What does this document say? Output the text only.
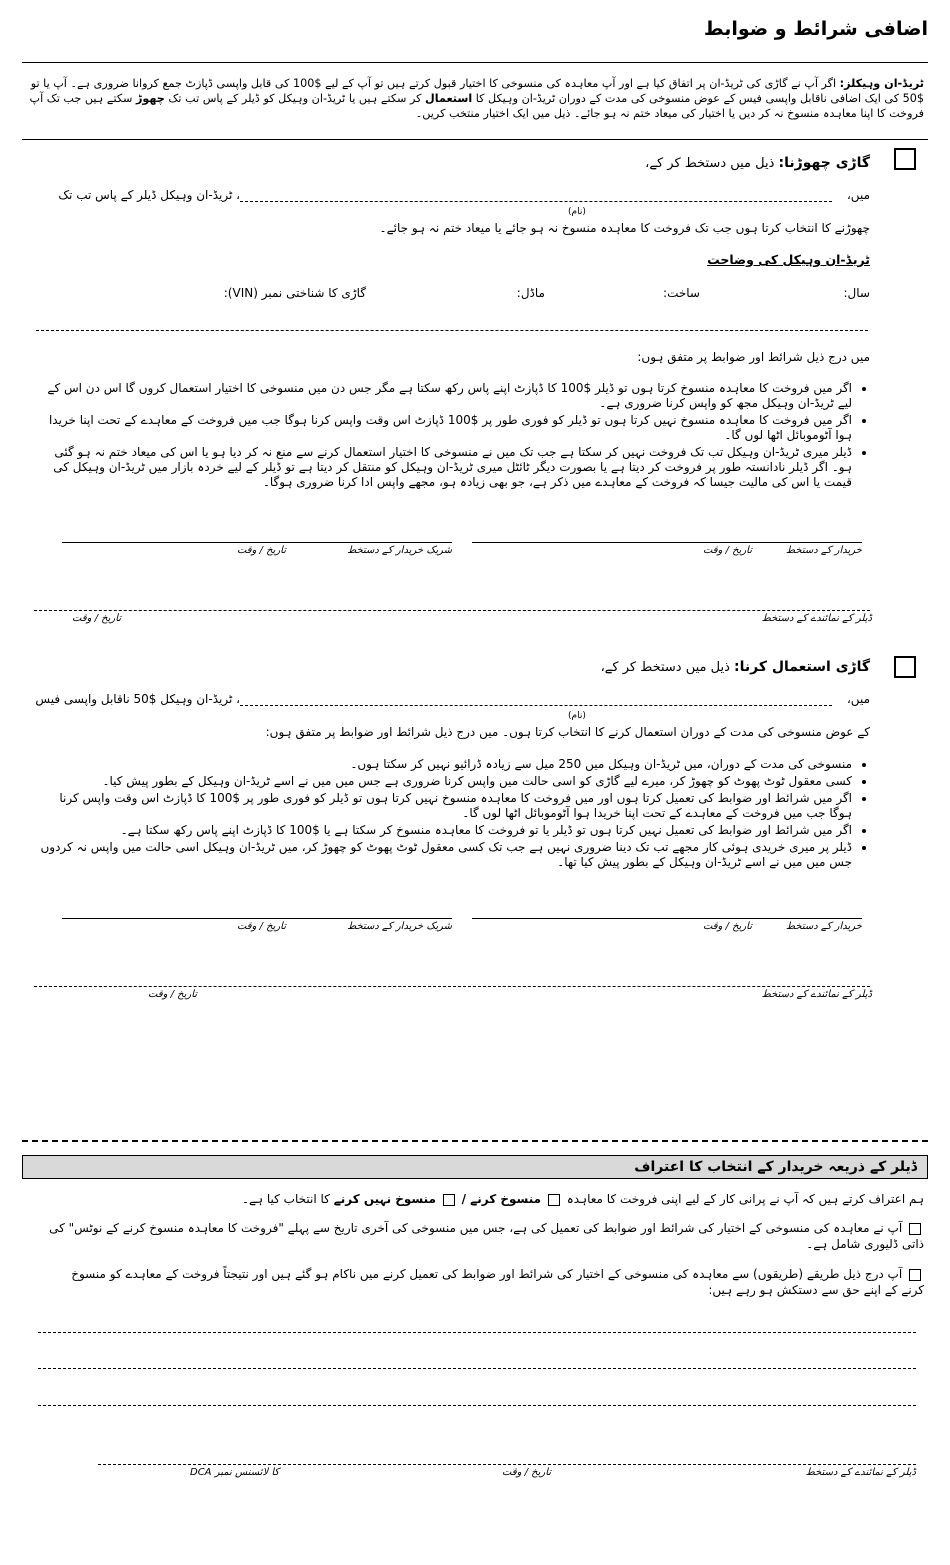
اضافی شرائط و ضوابط
ٹریڈ-ان وہیکلز: اگر آپ نے گاڑی کی ٹریڈ-ان پر اتفاق کیا ہے اور آپ معاہدہ کی منسوخی کا اختیار قبول کرتے ہیں تو آپ کے لیے $100 کی قابل واپسی ڈپازٹ جمع کروانا ضروری ہے۔ آپ یا تو $50 کی ایک اضافی ناقابل واپسی فیس کے عوض منسوخی کی مدت کے دوران ٹریڈ-ان وہیکل کا استعمال کر سکتے ہیں یا ٹریڈ-ان وہیکل کو ڈیلر کے پاس تب تک چھوڑ سکتے ہیں جب تک آپ فروخت کا اپنا معاہدہ منسوخ نہ کر دیں یا اختیار کی میعاد ختم نہ ہو جائے۔ ذیل میں ایک اختیار منتخب کریں۔
گاڑی چھوڑنا: ذیل میں دستخط کر کے،
میں،
، ٹریڈ-ان وہیکل ڈیلر کے پاس تب تک
(نام)
چھوڑنے کا انتخاب کرتا ہوں جب تک فروخت کا معاہدہ منسوخ نہ ہو جائے یا میعاد ختم نہ ہو جائے۔
ٹریڈ-ان وہیکل کی وضاحت
سال:
ساخت:
ماڈل:
گاڑی کا شناختی نمبر (VIN):
میں درج ذیل شرائط اور ضوابط پر متفق ہوں:
• اگر میں فروخت کا معاہدہ منسوخ کرتا ہوں تو ڈیلر $100 کا ڈپازٹ اپنے پاس رکھ سکتا ہے مگر جس دن میں منسوخی کا اختیار استعمال کروں گا اس دن اس کے لیے ٹریڈ-ان وہیکل مجھ کو واپس کرنا ضروری ہے۔
• اگر میں فروخت کا معاہدہ منسوخ نہیں کرتا ہوں تو ڈیلر کو فوری طور پر $100 ڈپازٹ اس وقت واپس کرنا ہوگا جب میں فروخت کے معاہدے کے تحت اپنا خریدا ہوا آٹوموبائل اٹھا لوں گا۔
• ڈیلر میری ٹریڈ-ان وہیکل تب تک فروخت نہیں کر سکتا ہے جب تک میں نے منسوخی کا اختیار استعمال کرنے سے منع نہ کر دیا ہو یا اس کی میعاد ختم نہ ہو گئی ہو۔ اگر ڈیلر نادانستہ طور پر فروخت کر دیتا ہے یا بصورت دیگر ٹائٹل میری ٹریڈ-ان وہیکل کو منتقل کر دیتا ہے تو ڈیلر کے لیے خردہ بازار میں ٹریڈ-ان وہیکل کی قیمت یا اس کی مالیت جیسا کہ فروخت کے معاہدے میں ذکر ہے، جو بھی زیادہ ہو، مجھے واپس ادا کرنا ضروری ہوگا۔
خریدار کے دستخط
تاریخ / وقت
شریک خریدار کے دستخط
تاریخ / وقت
ڈیلر کے نمائندے کے دستخط
تاریخ / وقت
گاڑی استعمال کرنا: ذیل میں دستخط کر کے،
میں،
، ٹریڈ-ان وہیکل $50 ناقابل واپسی فیس
(نام)
کے عوض منسوخی کی مدت کے دوران استعمال کرنے کا انتخاب کرتا ہوں۔ میں درج ذیل شرائط اور ضوابط پر متفق ہوں:
• منسوخی کی مدت کے دوران، میں ٹریڈ-ان وہیکل میں 250 میل سے زیادہ ڈرائیو نہیں کر سکتا ہوں۔
• کسی معقول ٹوٹ پھوٹ کو چھوڑ کر، میرے لیے گاڑی کو اسی حالت میں واپس کرنا ضروری ہے جس میں میں نے اسے ٹریڈ-ان وہیکل کے بطور پیش کیا۔
• اگر میں شرائط اور ضوابط کی تعمیل کرتا ہوں اور میں فروخت کا معاہدہ منسوخ نہیں کرتا ہوں تو ڈیلر کو فوری طور پر $100 کا ڈپازٹ اس وقت واپس کرنا ہوگا جب میں فروخت کے معاہدے کے تحت اپنا خریدا ہوا آٹوموبائل اٹھا لوں گا۔
• اگر میں شرائط اور ضوابط کی تعمیل نہیں کرتا ہوں تو ڈیلر یا تو فروخت کا معاہدہ منسوخ کر سکتا ہے یا $100 کا ڈپازٹ اپنے پاس رکھ سکتا ہے۔
• ڈیلر پر میری خریدی ہوئی کار مجھے تب تک دینا ضروری نہیں ہے جب تک کسی معقول ٹوٹ پھوٹ کو چھوڑ کر، میں ٹریڈ-ان وہیکل اسی حالت میں واپس نہ کردوں جس میں میں نے اسے ٹریڈ-ان وہیکل کے بطور پیش کیا تھا۔
خریدار کے دستخط
تاریخ / وقت
شریک خریدار کے دستخط
تاریخ / وقت
ڈیلر کے نمائندے کے دستخط
تاریخ / وقت
ڈیلر کے ذریعہ خریدار کے انتخاب کا اعتراف
ہم اعتراف کرتے ہیں کہ آپ نے پرانی کار کے لیے اپنی فروخت کا معاہدہ  منسوخ کرنے /  منسوخ نہیں کرنے کا انتخاب کیا ہے۔
آپ نے معاہدہ کی منسوخی کے اختیار کی شرائط اور ضوابط کی تعمیل کی ہے، جس میں منسوخی کی آخری تاریخ سے پہلے "فروخت کا معاہدہ منسوخ کرنے کے نوٹس" کی ذاتی ڈلیوری شامل ہے۔
آپ درج ذیل طریقے (طریقوں) سے معاہدہ کی منسوخی کے اختیار کی شرائط اور ضوابط کی تعمیل کرنے میں ناکام ہو گئے ہیں اور نتیجتاً فروخت کے معاہدے کو منسوخ کرنے کے اپنے حق سے دستکش ہو رہے ہیں:
ڈیلر کے نمائندے کے دستخط
تاریخ / وقت
DCA کا لائسنس نمبر
